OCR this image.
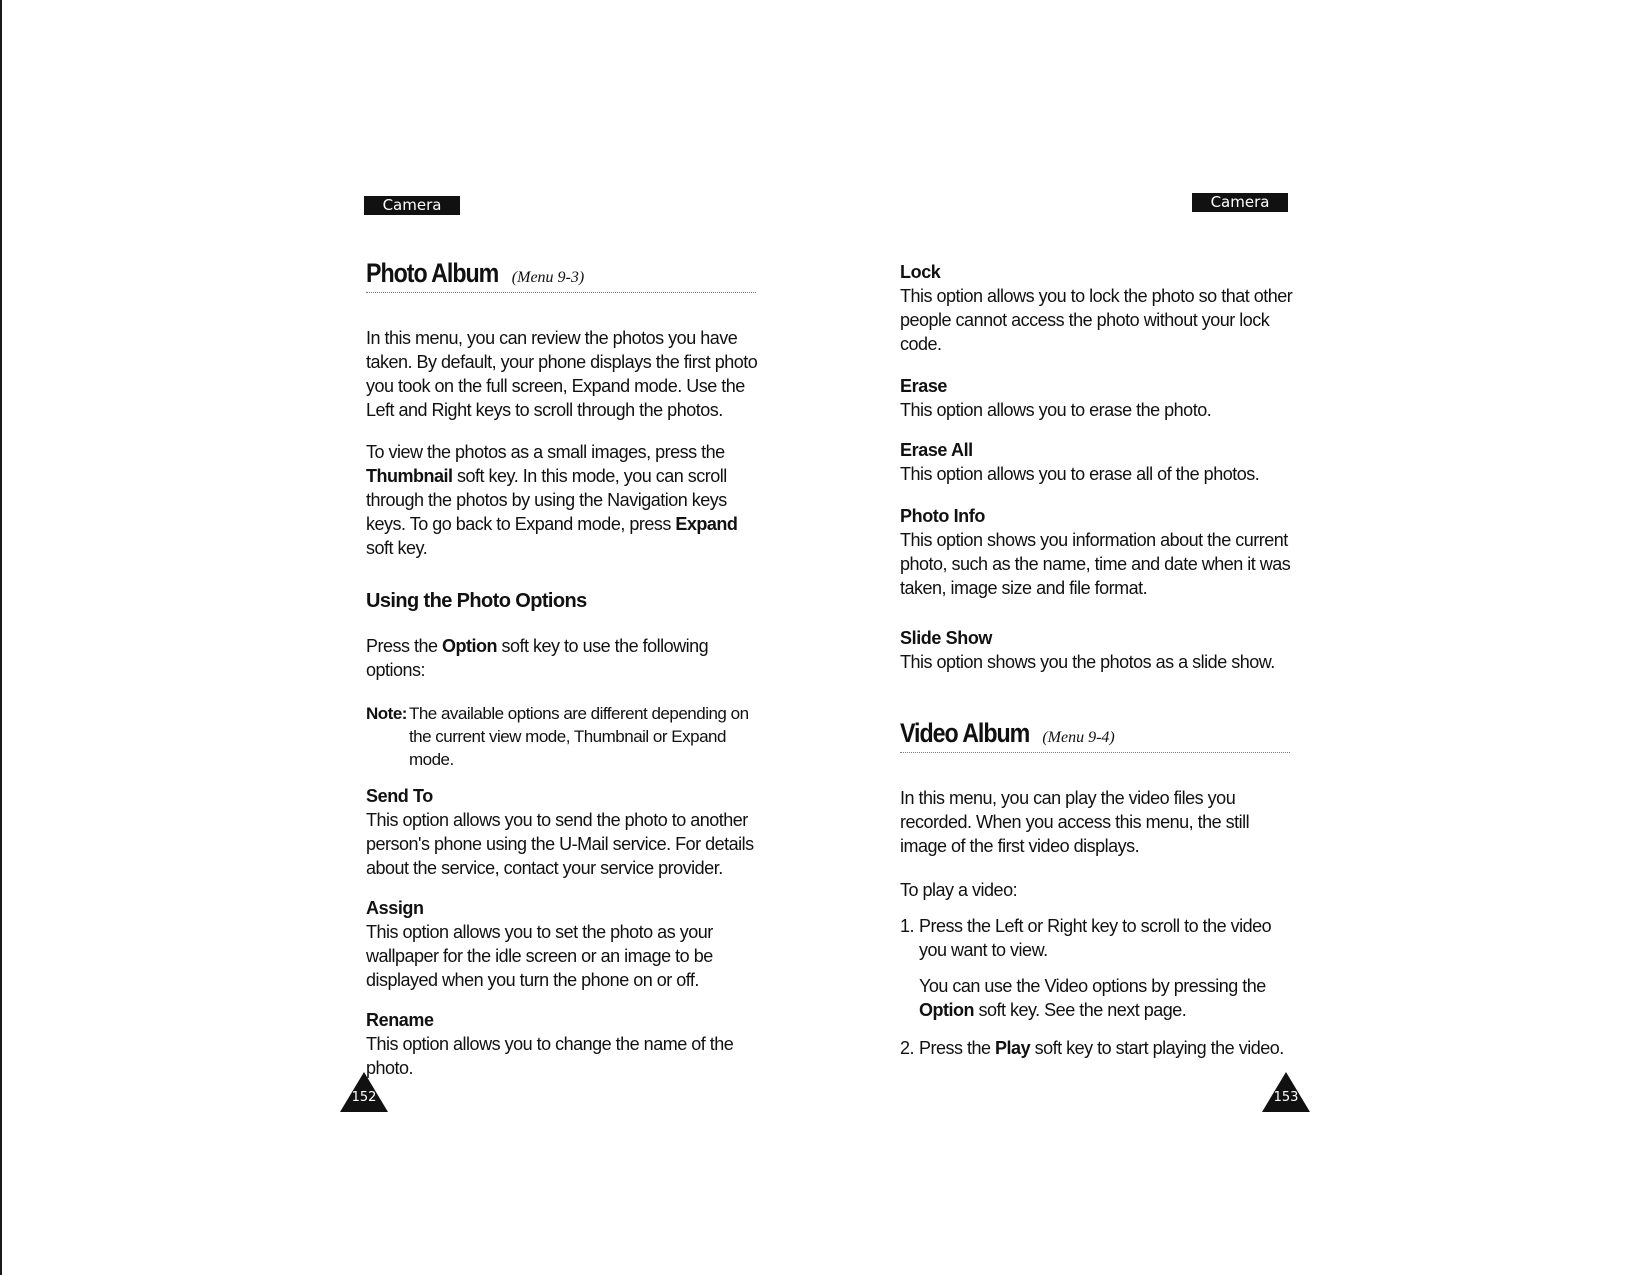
Camera
Photo Album (Menu 9-3)

In this menu, you can review the photos you have taken. By default, your phone displays the first photo you took on the full screen, Expand mode. Use the Left and Right keys to scroll through the photos.

To view the photos as a small images, press the Thumbnail soft key. In this mode, you can scroll through the photos by using the Navigation keys keys. To go back to Expand mode, press Expand soft key.

Using the Photo Options

Press the Option soft key to use the following options:

Note: The available options are different depending on the current view mode, Thumbnail or Expand mode.

Send To

This option allows you to send the photo to another person's phone using the U-Mail service. For details about the service, contact your service provider.

Assign

This option allows you to set the photo as your wallpaper for the idle screen or an image to be displayed when you turn the phone on or off.

Rename

This option allows you to change the name of the photo.

152
Camera

Lock

This option allows you to lock the photo so that other people cannot access the photo without your lock code.

Erase

This option allows you to erase the photo.

Erase All

This option allows you to erase all of the photos.

Photo Info

This option shows you information about the current photo, such as the name, time and date when it was taken, image size and file format.

Slide Show

This option shows you the photos as a slide show.

Video Album (Menu 9-4)

In this menu, you can play the video files you recorded. When you access this menu, the still image of the first video displays.

To play a video:

1. Press the Left or Right key to scroll to the video you want to view.

You can use the Video options by pressing the Option soft key. See the next page.

2. Press the Play soft key to start playing the video.
153
